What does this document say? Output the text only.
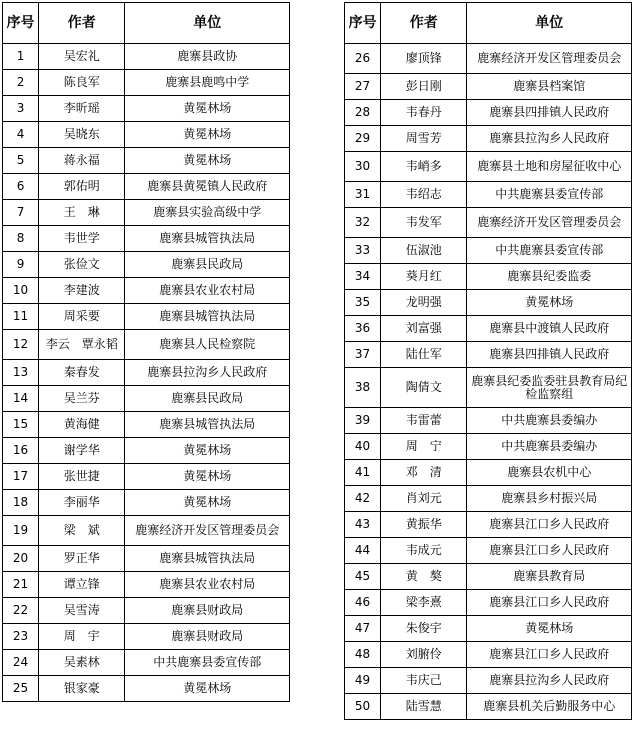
序号	作者	单位
1	吴宏礼	鹿寨县政协
2	陈良军	鹿寨县鹿鸣中学
3	李昕瑶	黄冕林场
4	吴晓东	黄冕林场
5	蒋永福	黄冕林场
6	郭佑明	鹿寨县黄冕镇人民政府
7	王　琳	鹿寨县实验高级中学
8	韦世学	鹿寨县城管执法局
9	张俭文	鹿寨县民政局
10	李建波	鹿寨县农业农村局
11	周采要	鹿寨县城管执法局
12	李云　覃永韬	鹿寨县人民检察院
13	秦春发	鹿寨县拉沟乡人民政府
14	吴兰芬	鹿寨县民政局
15	黄海健	鹿寨县城管执法局
16	谢学华	黄冕林场
17	张世捷	黄冕林场
18	李丽华	黄冕林场
19	梁　斌	鹿寨经济开发区管理委员会
20	罗正华	鹿寨县城管执法局
21	谭立锋	鹿寨县农业农村局
22	吴雪涛	鹿寨县财政局
23	周　宇	鹿寨县财政局
24	吴素林	中共鹿寨县委宣传部
25	银家豪	黄冕林场
序号	作者	单位
26	廖顶锋	鹿寨经济开发区管理委员会
27	彭日刚	鹿寨县档案馆
28	韦春丹	鹿寨县四排镇人民政府
29	周雪芳	鹿寨县拉沟乡人民政府
30	韦峭多	鹿寨县土地和房屋征收中心
31	韦绍志	中共鹿寨县委宣传部
32	韦发军	鹿寨经济开发区管理委员会
33	伍淑池	中共鹿寨县委宣传部
34	葵月红	鹿寨县纪委监委
35	龙明强	黄冕林场
36	刘富强	鹿寨县中渡镇人民政府
37	陆仕军	鹿寨县四排镇人民政府
38	陶倩文	鹿寨县纪委监委驻县教育局纪检监察组
39	韦雷蕾	中共鹿寨县委编办
40	周　宁	中共鹿寨县委编办
41	邓　清	鹿寨县农机中心
42	肖刘元	鹿寨县乡村振兴局
43	黄振华	鹿寨县江口乡人民政府
44	韦成元	鹿寨县江口乡人民政府
45	黄　獒	鹿寨县教育局
46	梁李熹	鹿寨县江口乡人民政府
47	朱俊宇	黄冕林场
48	刘腑伶	鹿寨县江口乡人民政府
49	韦庆己	鹿寨县拉沟乡人民政府
50	陆雪慧	鹿寨县机关后勤服务中心
